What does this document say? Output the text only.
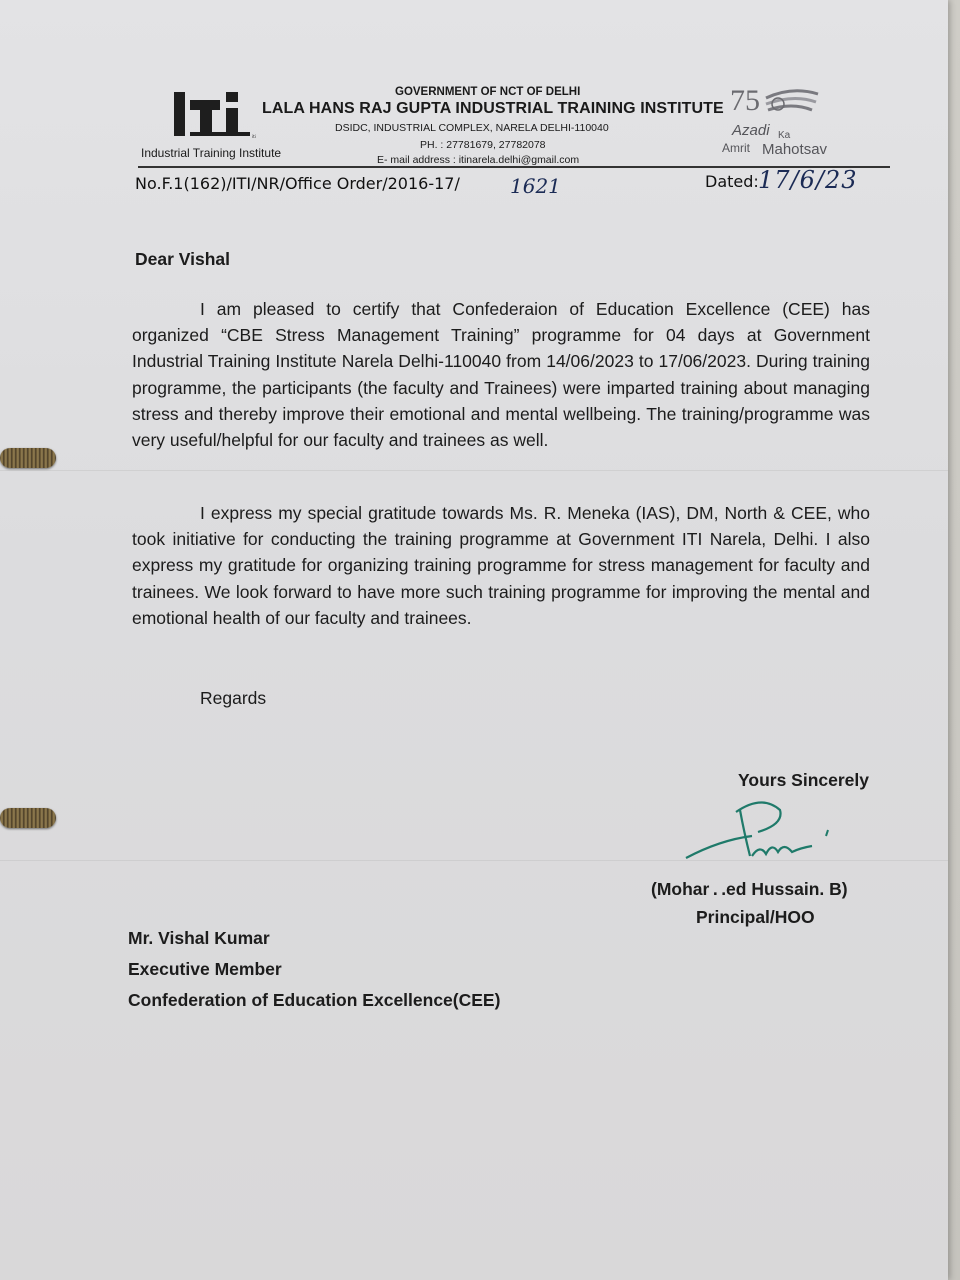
iti
Industrial Training Institute
GOVERNMENT OF NCT OF DELHI
LALA HANS RAJ GUPTA INDUSTRIAL TRAINING INSTITUTE
DSIDC, INDUSTRIAL COMPLEX, NARELA DELHI-110040
PH. : 27781679, 27782078
E- mail address : itinarela.delhi@gmail.com
75
Azadi Ka
Amrit Mahotsav
No.F.1(162)/ITI/NR/Office Order/2016-17/	1621	Dated: 17/6/23
Dear Vishal
I am pleased to certify that Confederaion of Education Excellence (CEE) has organized “CBE Stress Management Training” programme for 04 days at Government Industrial Training Institute Narela Delhi-110040 from 14/06/2023 to 17/06/2023. During training programme, the participants (the faculty and Trainees) were imparted training about managing stress and thereby improve their emotional and mental wellbeing. The training/programme was very useful/helpful for our faculty and trainees as well.
I express my special gratitude towards Ms. R. Meneka (IAS), DM, North & CEE, who took initiative for conducting the training programme at Government ITI Narela, Delhi. I also express my gratitude for organizing training programme for stress management for faculty and trainees. We look forward to have more such training programme for improving the mental and emotional health of our faculty and trainees.
Regards
Yours Sincerely
(Mohar . .ed Hussain. B)
Principal/HOO
Mr. Vishal Kumar
Executive Member
Confederation of Education Excellence(CEE)
